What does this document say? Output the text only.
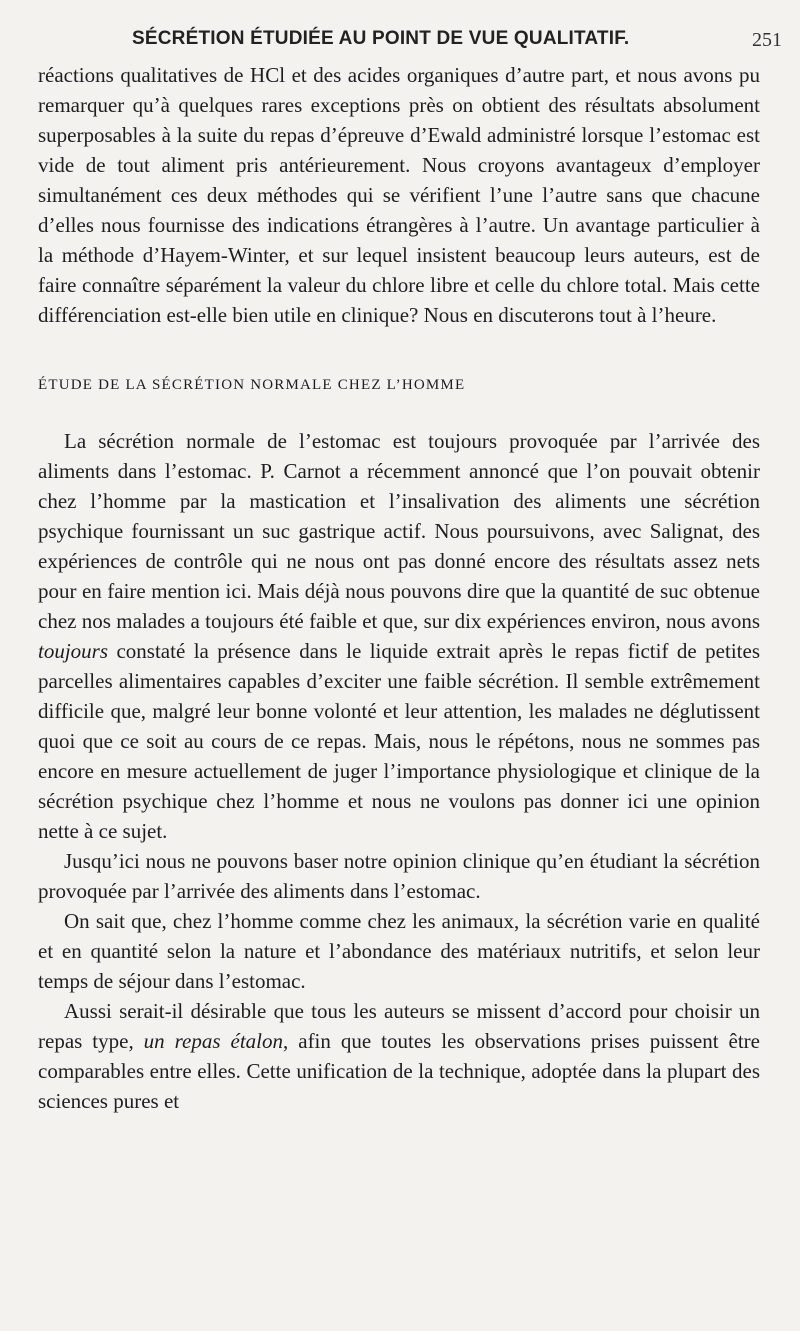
SÉCRÉTION ÉTUDIÉE AU POINT DE VUE QUALITATIF.	251

réactions qualitatives de HCl et des acides organiques d’autre part, et nous avons pu remarquer qu’à quelques rares exceptions près on obtient des résultats absolument superposables à la suite du repas d’épreuve d’Ewald administré lorsque l’estomac est vide de tout aliment pris antérieurement. Nous croyons avantageux d’employer simultanément ces deux méthodes qui se vérifient l’une l’autre sans que chacune d’elles nous fournisse des indications étrangères à l’autre. Un avantage particulier à la méthode d’Hayem-Winter, et sur lequel insistent beaucoup leurs auteurs, est de faire connaître séparément la valeur du chlore libre et celle du chlore total. Mais cette différenciation est-elle bien utile en clinique? Nous en discuterons tout à l’heure.

ÉTUDE DE LA SÉCRÉTION NORMALE CHEZ L’HOMME

La sécrétion normale de l’estomac est toujours provoquée par l’arrivée des aliments dans l’estomac. P. Carnot a récemment annoncé que l’on pouvait obtenir chez l’homme par la mastication et l’insalivation des aliments une sécrétion psychique fournissant un suc gastrique actif. Nous poursuivons, avec Salignat, des expériences de contrôle qui ne nous ont pas donné encore des résultats assez nets pour en faire mention ici. Mais déjà nous pouvons dire que la quantité de suc obtenue chez nos malades a toujours été faible et que, sur dix expériences environ, nous avons toujours constaté la présence dans le liquide extrait après le repas fictif de petites parcelles alimentaires capables d’exciter une faible sécrétion. Il semble extrêmement difficile que, malgré leur bonne volonté et leur attention, les malades ne déglutissent quoi que ce soit au cours de ce repas. Mais, nous le répétons, nous ne sommes pas encore en mesure actuellement de juger l’importance physiologique et clinique de la sécrétion psychique chez l’homme et nous ne voulons pas donner ici une opinion nette à ce sujet.

Jusqu’ici nous ne pouvons baser notre opinion clinique qu’en étudiant la sécrétion provoquée par l’arrivée des aliments dans l’estomac.

On sait que, chez l’homme comme chez les animaux, la sécrétion varie en qualité et en quantité selon la nature et l’abondance des matériaux nutritifs, et selon leur temps de séjour dans l’estomac.

Aussi serait-il désirable que tous les auteurs se missent d’accord pour choisir un repas type, un repas étalon, afin que toutes les observations prises puissent être comparables entre elles. Cette unification de la technique, adoptée dans la plupart des sciences pures et
